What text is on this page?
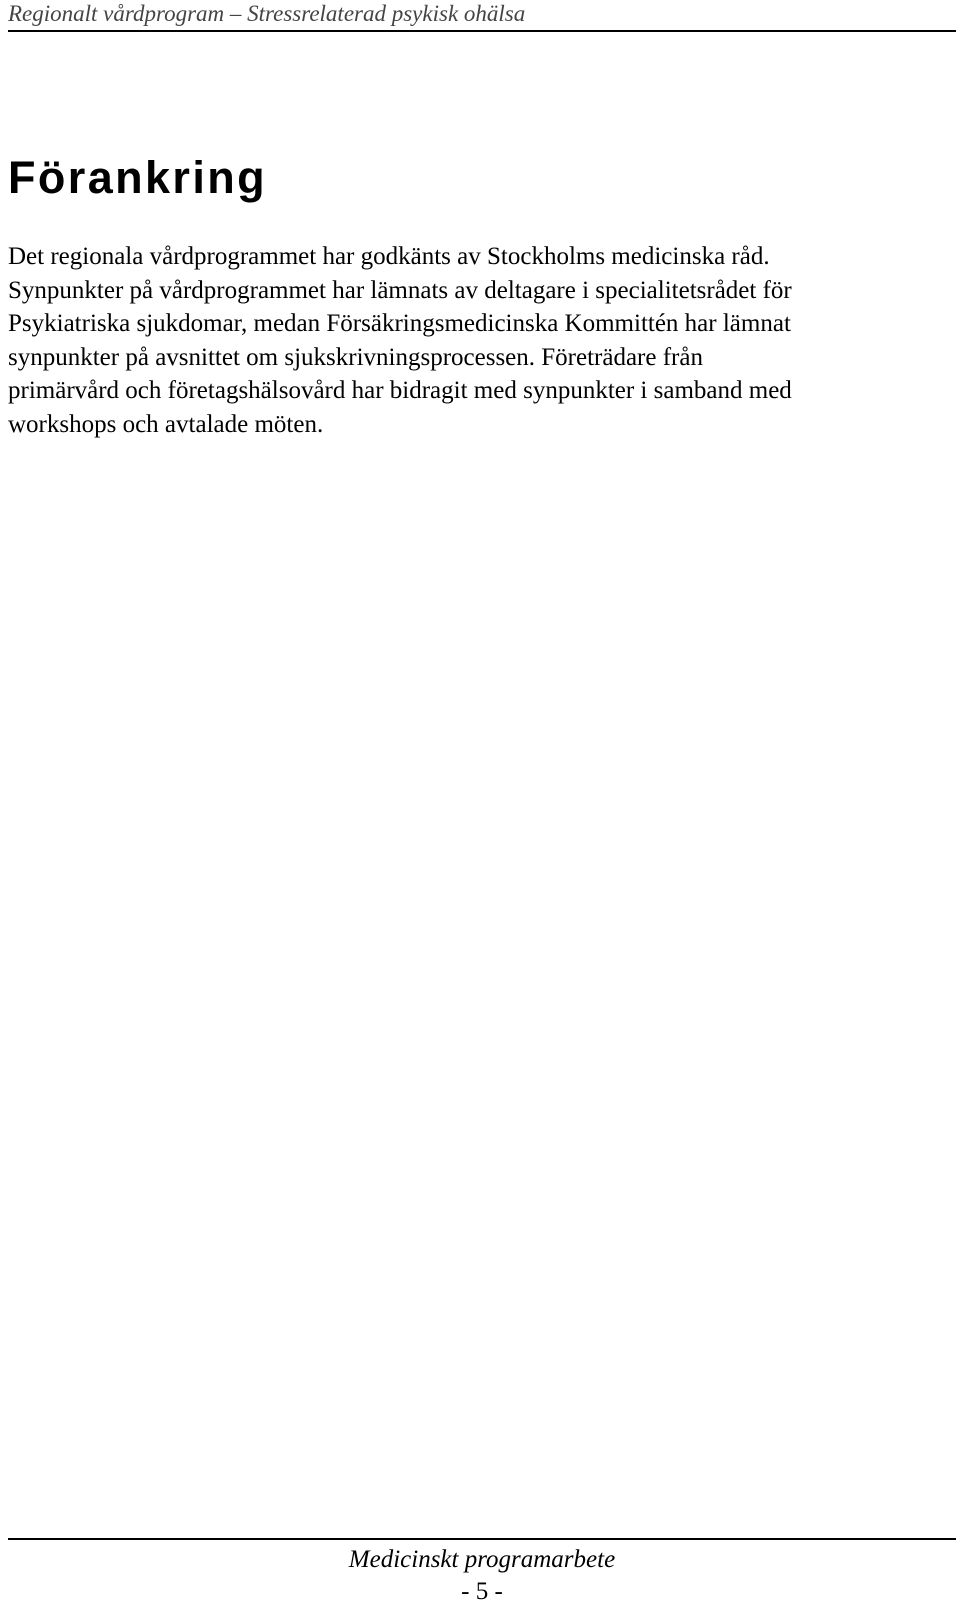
Regionalt vårdprogram – Stressrelaterad psykisk ohälsa
Förankring

Det regionala vårdprogrammet har godkänts av Stockholms medicinska råd.
Synpunkter på vårdprogrammet har lämnats av deltagare i specialitetsrådet för
Psykiatriska sjukdomar, medan Försäkringsmedicinska Kommittén har lämnat
synpunkter på avsnittet om sjukskrivningsprocessen. Företrädare från
primärvård och företagshälsovård har bidragit med synpunkter i samband med
workshops och avtalade möten.

Medicinskt programarbete
- 5 -
